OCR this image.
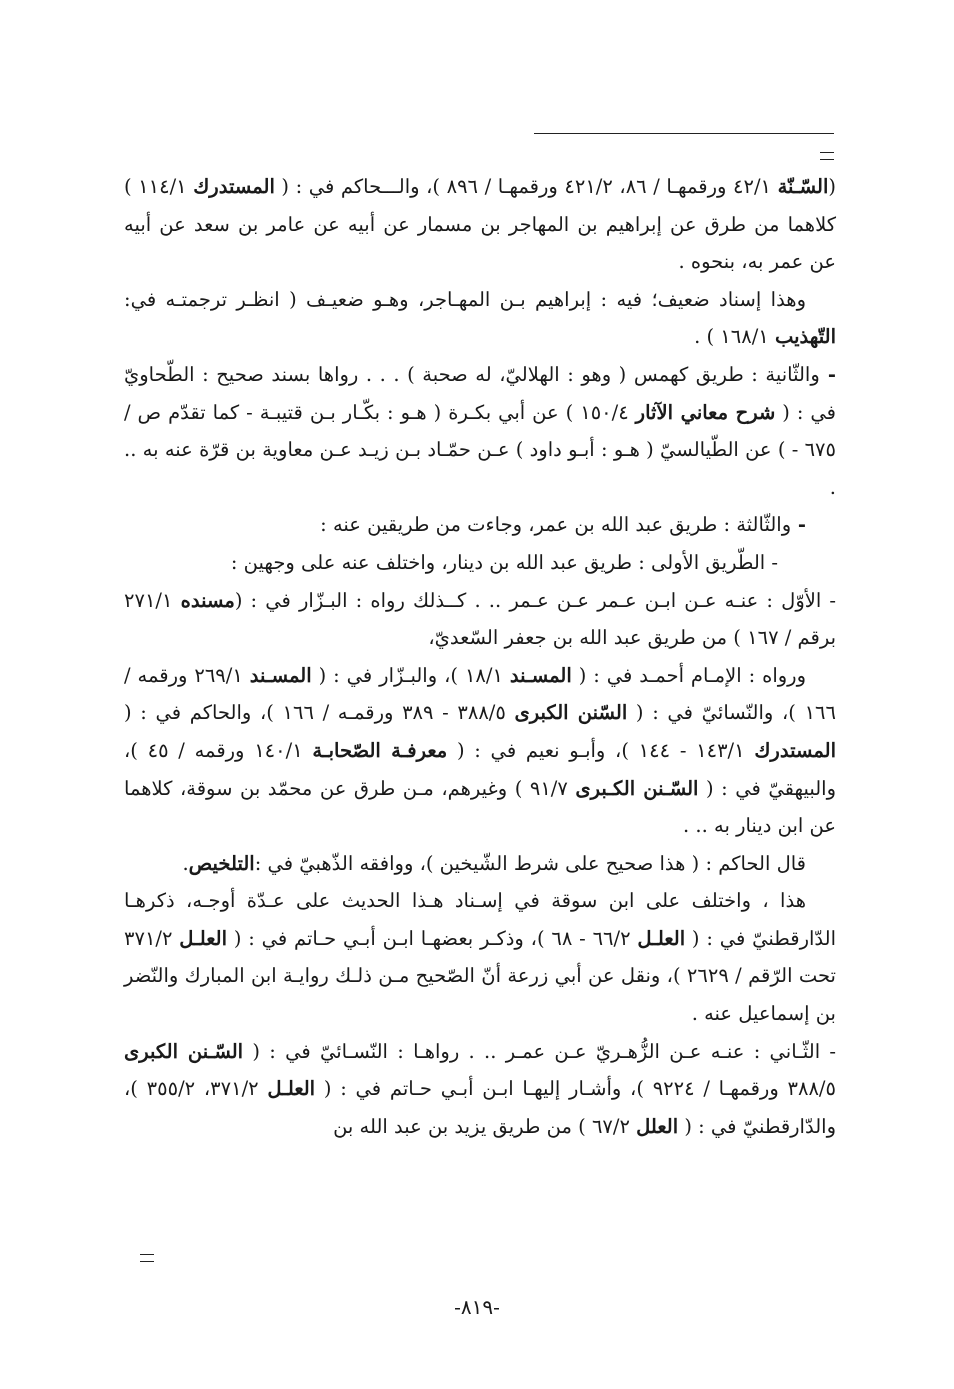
(السّـنّة ٤٢/١ ورقمهـا / ٨٦، ٤٢١/٢ ورقمهـا / ٨٩٦ )، والـــحاكم في : ( المستدرك ١١٤/١ ) كلاهما من طرق عن إبراهيم بن المهاجر بن مسمار عن أبيه عن عامر بن سعد عن أبيه عن عمر به، بنحوه .

وهذا إسناد ضعيف؛ فيه : إبراهيم بـن المهـاجر، وهـو ضعيـف ( انظـر ترجمتـه في: التّهذيب ١٦٨/١ ) .

- والثّانية : طريق كهمس ( وهو : الهلاليّ، له صحبة ) . . . رواها بسند صحيح : الطّحاويّ في : ( شرح معاني الآثار ١٥٠/٤ ) عن أبي بكـرة ( هـو : بكّـار بـن قتيبـة - كما تقدّم ص / ٦٧٥ - ) عن الطّيالسيّ ( هـو : أبـو داود ) عـن حمّـاد بـن زيـد عـن معاوية بن قرّة عنه به .. .

- والثّالثة : طريق عبد الله بن عمر، وجاءت من طريقين عنه :

- الطّريق الأولى : طريق عبد الله بن دينار، واختلف عنه على وجهين :

- الأوّل : عنـه عـن ابـن عـمر عـن عـمر .. . كــذلك رواه : البـزّار في : (مسنده ٢٧١/١ برقم / ١٦٧ ) من طريق عبد الله بن جعفر السّعديّ،

ورواه : الإمـام أحمـد في : ( المسـند ١٨/١ )، والبـزّار في : ( المسـند ٢٦٩/١ ورقمه / ١٦٦ )، والنّسائيّ في : ( السّنن الكبرى ٣٨٨/٥ - ٣٨٩ ورقمـه / ١٦٦ )، والحاكم في : ( المستدرك ١٤٣/١ - ١٤٤ )، وأبـو نعيم في : ( معرفـة الصّحابـة ١٤٠/١ ورقمه / ٤٥ )، والبيهقيّ في : ( السّـنن الكـبرى ٩١/٧ ) وغيرهم، مـن طرق عن محمّد بن سوقة، كلاهما عن ابن دينار به .. .

قال الحاكم : ( هذا صحيح على شرط الشّيخين )، ووافقه الذّهبيّ في :التلخيص.

هذا ، واختلف على ابن سوقة في إسـناد هـذا الحديث على عـدّة أوجـه، ذكرهـا الدّارقطنيّ في : ( العلـل ٦٦/٢ - ٦٨ )، وذكـر بعضهـا ابـن أبـي حـاتم في : ( العلـل ٣٧١/٢ تحت الرّقم / ٢٦٢٩ )، ونقل عن أبي زرعة أنّ الصّحيح مـن ذلـك روايـة ابن المبارك والنّضر بن إسماعيل عنه .

- الثّـاني : عنـه عـن الزُّهـريّ عـن عمـر .. . رواهـا : النّسـائيّ في : ( السّـنن الكبرى ٣٨٨/٥ ورقمهـا / ٩٢٢٤ )، وأشـار إليهـا ابـن أبـي حـاتم في : ( العلـل ٣٧١/٢، ٣٥٥/٢ )، والدّارقطنيّ في : ( العلل ٦٧/٢ ) من طريق يزيد بن عبد الله بن

-٨١٩-
